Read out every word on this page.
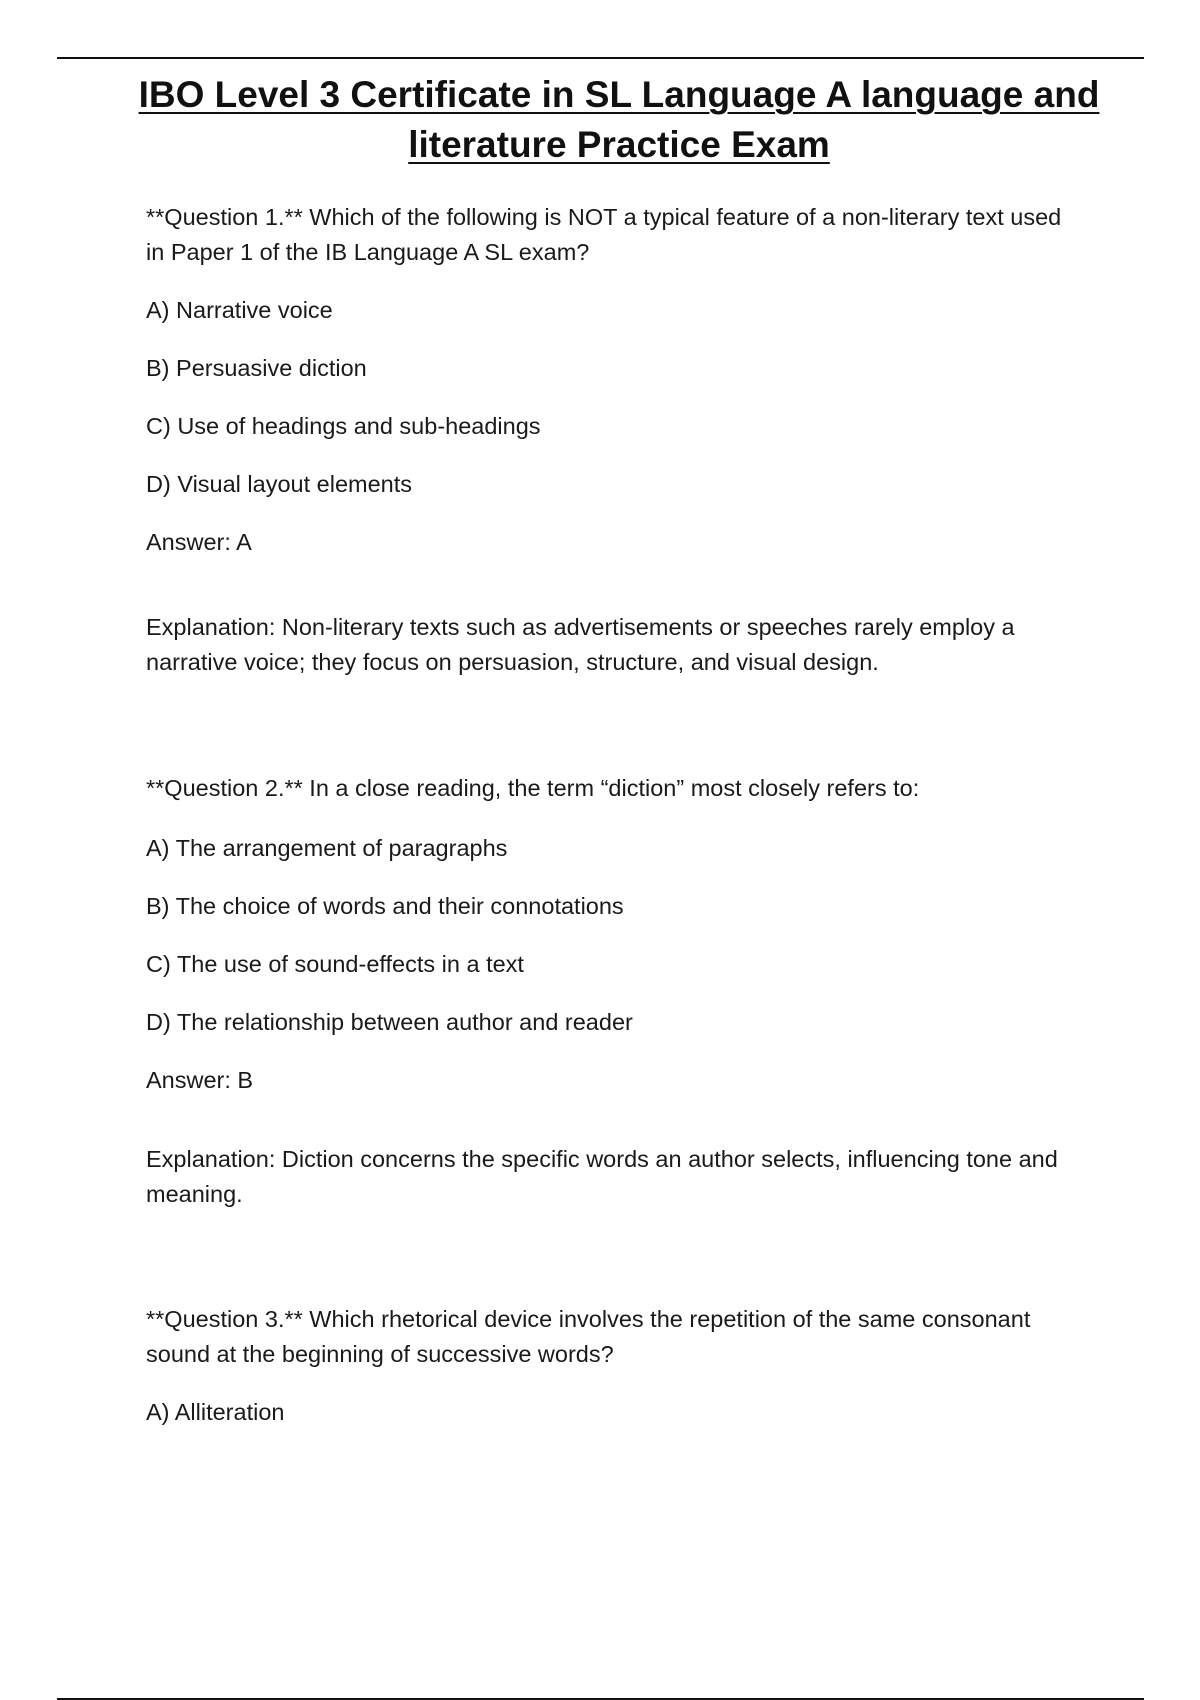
IBO Level 3 Certificate in SL Language A language and literature Practice Exam

**Question 1.** Which of the following is NOT a typical feature of a non-literary text used in Paper 1 of the IB Language A SL exam?

A) Narrative voice

B) Persuasive diction

C) Use of headings and sub-headings

D) Visual layout elements

Answer: A

Explanation: Non-literary texts such as advertisements or speeches rarely employ a narrative voice; they focus on persuasion, structure, and visual design.

**Question 2.** In a close reading, the term “diction” most closely refers to:

A) The arrangement of paragraphs

B) The choice of words and their connotations

C) The use of sound-effects in a text

D) The relationship between author and reader

Answer: B

Explanation: Diction concerns the specific words an author selects, influencing tone and meaning.

**Question 3.** Which rhetorical device involves the repetition of the same consonant sound at the beginning of successive words?

A) Alliteration
